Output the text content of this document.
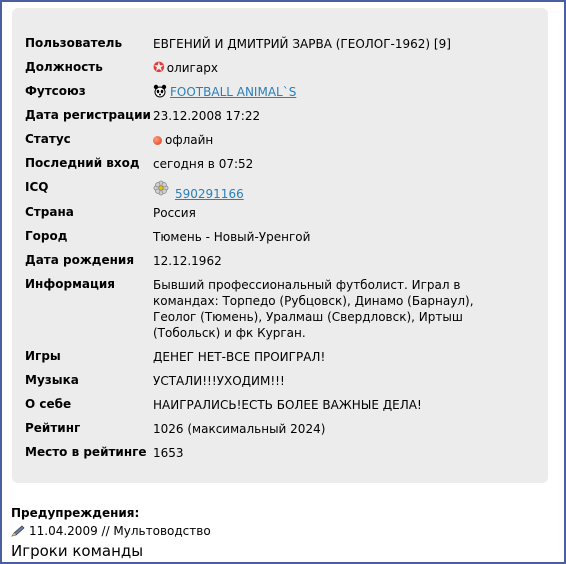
Пользователь	ЕВГЕНИЙ И ДМИТРИЙ ЗАРВА (ГЕОЛОГ-1962) [9]
Должность	✪ олигарх
Футсоюз	FOOTBALL ANIMAL`S
Дата регистрации	23.12.2008 17:22
Статус	офлайн
Последний вход	сегодня в 07:52
ICQ	590291166
Страна	Россия
Город	Тюмень - Новый-Уренгой
Дата рождения	12.12.1962
Информация	Бывший профессиональный футболист. Играл в командах: Торпедо (Рубцовск), Динамо (Барнаул), Геолог (Тюмень), Уралмаш (Свердловск), Иртыш (Тобольск) и фк Курган.
Игры	ДЕНЕГ НЕТ-ВСЕ ПРОИГРАЛ!
Музыка	УСТАЛИ!!!УХОДИМ!!!
О себе	НАИГРАЛИСЬ!ЕСТЬ БОЛЕЕ ВАЖНЫЕ ДЕЛА!
Рейтинг	1026 (максимальный 2024)
Место в рейтинге	1653
Предупреждения:
11.04.2009 // Мультоводство
Игроки команды
